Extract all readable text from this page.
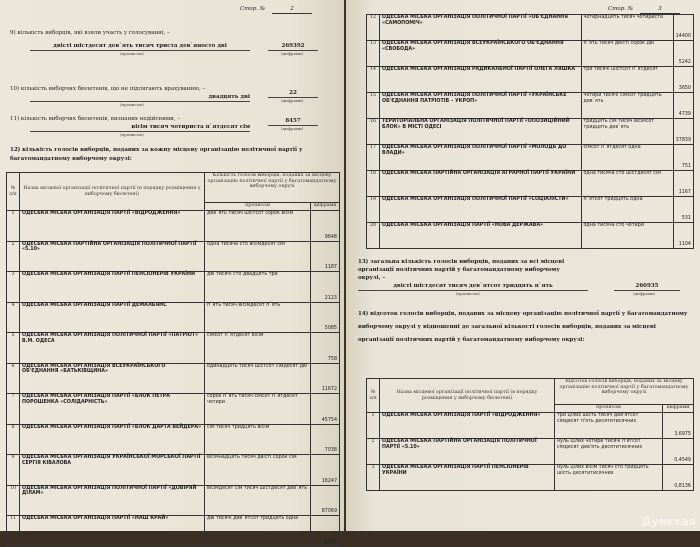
Стор. №	2
9) кількість виборців, які взяли участь у голосуванні, –
двісті шістдесят дев`ять тисяч триста дев`яносто дві
(прописом)
269392
(цифрами)
10) кількість виборчих бюлетенів, що не підлягають врахуванню, –
двадцять дві
(прописом)
22
(цифрами)
11) кількість виборчих бюлетенів, визнаних недійсними, –
вісім тисяч чотириста п`ятдесят сім
(прописом)
8457
(цифрами)
12) кількість голосів виборців, поданих за кожну місцеву організацію політичної партії у багатомандатному виборчому окрузі:
№ з/п	Назва місцевої організації політичної партії (в порядку розміщення у виборчому бюлетені)	Кількість голосів виборців, поданих за місцеву організацію політичної партії у багатомандатному виборчому окрузі	
		прописом	цифрами
1	ОДЕСЬКА МІСЬКА ОРГАНІЗАЦІЯ ПАРТІЇ «ВІДРОДЖЕННЯ»	дев`ять тисяч шістсот сорок вісім	9648
2	ОДЕСЬКА МІСЬКА ПАРТІЙНА ОРГАНІЗАЦІЯ ПОЛІТИЧНОЇ ПАРТІЇ «5.10»	одна тисяча сто вісімдесят сім	1187
3	ОДЕСЬКА МІСЬКА ОРГАНІЗАЦІЯ ПАРТІЇ ПЕНСІОНЕРІВ УКРАЇНИ	дві тисячі сто двадцять три	2123
4	ОДЕСЬКА МІСЬКА ОРГАНІЗАЦІЯ ПАРТІЇ ДЕМАЛЬЯНС	п`ять тисяч вісімдесят п`ять	5085
5	ОДЕСЬКА МІСЬКА ОРГАНІЗАЦІЯ ПОЛІТИЧНОЇ ПАРТІЇ «ПАТРІОТ» В.М. ОДЕСА	сімсот п`ятдесят вісім	758
6	ОДЕСЬКА МІСЬКА ОРГАНІЗАЦІЯ ВСЕУКРАЇНСЬКОГО ОБ'ЄДНАННЯ «БАТЬКІВЩИНА»	одинадцять тисяч шістсот сімдесят дві	11672
7	ОДЕСЬКА МІСЬКА ОРГАНІЗАЦІЯ ПАРТІЇ «БЛОК ПЕТРА ПОРОШЕНКА «СОЛІДАРНІСТЬ»	сорок п`ять тисяч сімсот п`ятдесят чотири	45754
8	ОДЕСЬКА МІСЬКА ОРГАНІЗАЦІЯ ПАРТІЇ «БЛОК ДАРТА ВЕЙДЕРА»	сім тисяч тридцять вісім	7038
9	ОДЕСЬКА МІСЬКА ОРГАНІЗАЦІЯ УКРАЇНСЬКОЇ МОРСЬКОЇ ПАРТІЇ СЕРГІЯ КІВАЛОВА	вісімнадцять тисяч двісті сорок сім	18247
10	ОДЕСЬКА МІСЬКА ОРГАНІЗАЦІЯ ПОЛІТИЧНОЇ ПАРТІЇ «ДОВІРЯЙ ДІЛАМ»	вісімдесят сім тисяч шістдесят дев`ять	87069
11	ОДЕСЬКА МІСЬКА ОРГАНІЗАЦІЯ ПАРТІЇ «НАШ КРАЙ»	дві тисячі дев`ятсот тридцять одна	2931
Стор. №	3
12	ОДЕСЬКА МІСЬКА ОРГАНІЗАЦІЯ ПОЛІТИЧНОЇ ПАРТІЇ «ОБ'ЄДНАННЯ «САМОПОМІЧ»	чотирнадцять тисяч чотириста	14400
13	ОДЕСЬКА МІСЬКА ОРГАНІЗАЦІЯ ВСЕУКРАЇНСЬКОГО ОБ'ЄДНАННЯ «СВОБОДА»	п`ять тисяч двісті сорок дві	5242
14	ОДЕСЬКА МІСЬКА ОРГАНІЗАЦІЯ РАДИКАЛЬНОЇ ПАРТІЇ ОЛЕГА ЛЯШКА	три тисячі шістсот п`ятдесят	3650
15	ОДЕСЬКА МІСЬКА ОРГАНІЗАЦІЯ ПОЛІТИЧНОЇ ПАРТІЇ «УКРАЇНСЬКЕ ОБ'ЄДНАННЯ ПАТРІОТІВ – УКРОП»	чотири тисячі сімсот тридцять дев`ять	4739
16	ТЕРИТОРІАЛЬНА ОРГАНІЗАЦІЯ ПОЛІТИЧНОЇ ПАРТІЇ «ОПОЗИЦІЙНИЙ БЛОК» В МІСТІ ОДЕСІ	тридцять сім тисяч вісімсот тридцять дев`ять	37839
17	ОДЕСЬКА МІСЬКА ОРГАНІЗАЦІЯ ПОЛІТИЧНОЇ ПАРТІЇ «МОЛОДЬ ДО ВЛАДИ»	сімсот п`ятдесят одна	751
18	ОДЕСЬКА МІСЬКА ПАРТІЙНА ОРГАНІЗАЦІЯ АГРАРНОЇ ПАРТІЇ УКРАЇНИ	одна тисяча сто шістдесят сім	1167
19	ОДЕСЬКА МІСЬКА ОРГАНІЗАЦІЯ ПОЛІТИЧНОЇ ПАРТІЇ «СОЦІАЛІСТИ»	п`ятсот тридцять одна	531
20	ОДЕСЬКА МІСЬКА ОРГАНІЗАЦІЯ ПАРТІЇ «НОВА ДЕРЖАВА»	одна тисяча сто чотири	1104
13) загальна кількість голосів виборців, поданих за всі місцеві організації політичних партій у багатомандатному виборчому окрузі, –
двісті шістдесят тисяч дев`ятсот тридцять п`ять
(прописом)
260935
(цифрами)
14) відсоток голосів виборців, поданих за місцеву організацію політичної партії у багатомандатному виборчому окрузі у відношенні до загальної кількості голосів виборців, поданих за місцеві організації політичних партій у багатомандатному виборчому окрузі:
№ з/п	Назва місцевої організації політичної партії (в порядку розміщення у виборчому бюлетені)	Відсоток голосів виборців, поданих за місцеву організацію політичної партії у багатомандатному виборчому окрузі	
		прописом	цифрами
1	ОДЕСЬКА МІСЬКА ОРГАНІЗАЦІЯ ПАРТІЇ «ВІДРОДЖЕННЯ»	три цілих шість тисяч дев'ятсот сімдесят п'ять десятитисячних	3,6975
2	ОДЕСЬКА МІСЬКА ПАРТІЙНА ОРГАНІЗАЦІЯ ПОЛІТИЧНОЇ ПАРТІЇ «5.10»	нуль цілих чотири тисячі п'ятсот сімдесят дев'ять десятитисячних	0,4549
3	ОДЕСЬКА МІСЬКА ОРГАНІЗАЦІЯ ПАРТІЇ ПЕНСІОНЕРІВ УКРАЇНИ	нуль цілих вісім тисяч сто тридцять шість десятитисячних	0,8136
Думская
